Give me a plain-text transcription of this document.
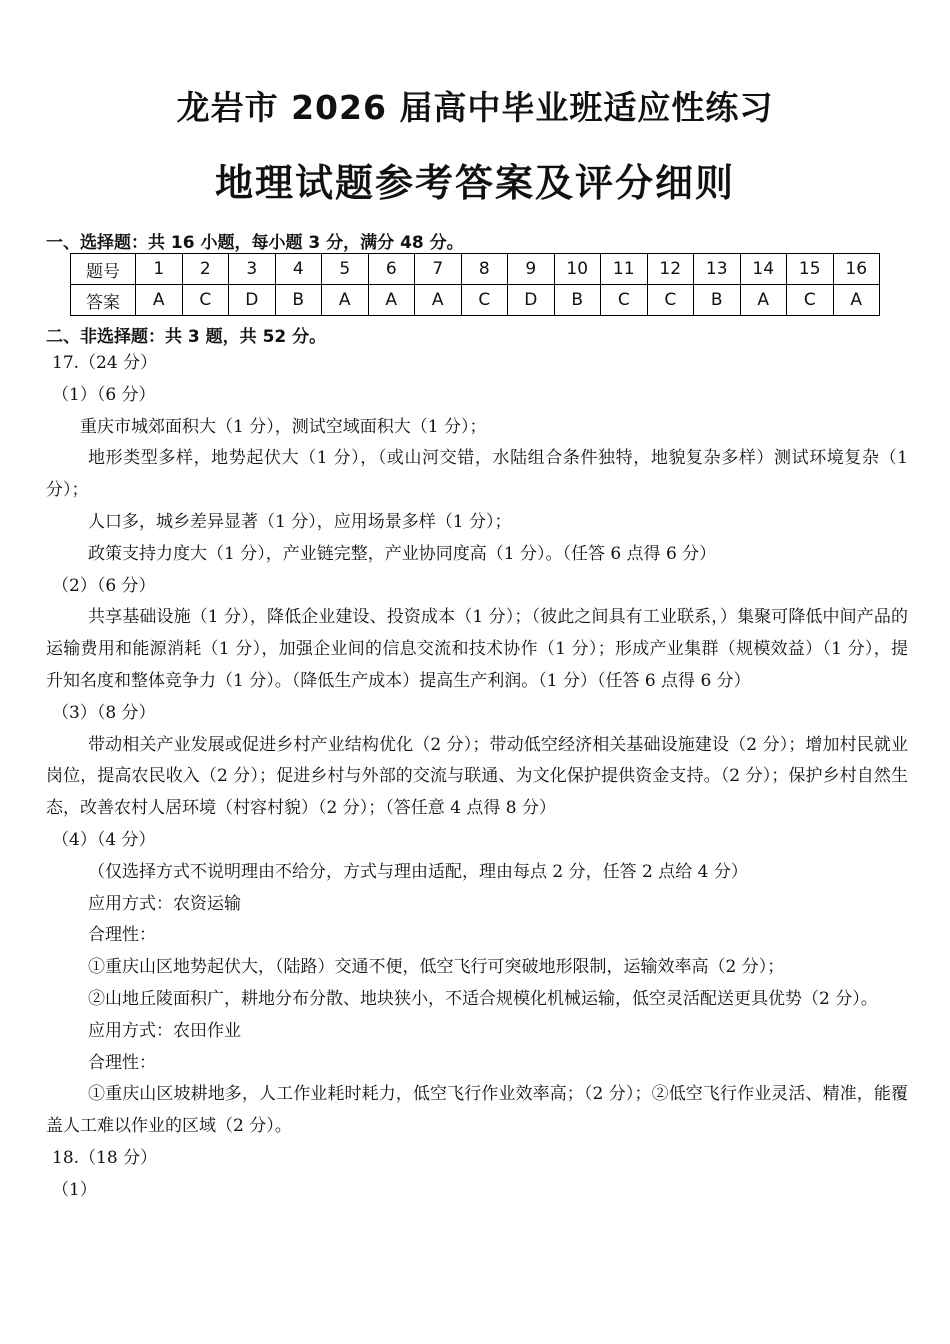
龙岩市 2026 届高中毕业班适应性练习
地理试题参考答案及评分细则
一、选择题：共 16 小题，每小题 3 分，满分 48 分。
题号	1	2	3	4	5	6	7	8	9	10	11	12	13	14	15	16
答案	A	C	D	B	A	A	A	C	D	B	C	C	B	A	C	A
二、非选择题：共 3 题，共 52 分。

17.（24 分）

（1）（6 分）

重庆市城郊面积大（1 分），测试空域面积大（1 分）；

地形类型多样，地势起伏大（1 分），（或山河交错，水陆组合条件独特，地貌复杂多样）测试环境复杂（1 分）；

人口多，城乡差异显著（1 分），应用场景多样（1 分）；

政策支持力度大（1 分），产业链完整，产业协同度高（1 分）。（任答 6 点得 6 分）

（2）（6 分）

共享基础设施（1 分），降低企业建设、投资成本（1 分）；（彼此之间具有工业联系，）集聚可降低中间产品的运输费用和能源消耗（1 分），加强企业间的信息交流和技术协作（1 分）；形成产业集群（规模效益）（1 分），提升知名度和整体竞争力（1 分）。（降低生产成本）提高生产利润。（1 分）（任答 6 点得 6 分）

（3）（8 分）

带动相关产业发展或促进乡村产业结构优化（2 分）；带动低空经济相关基础设施建设（2 分）；增加村民就业岗位，提高农民收入（2 分）；促进乡村与外部的交流与联通、为文化保护提供资金支持。（2 分）；保护乡村自然生态，改善农村人居环境（村容村貌）（2 分）；（答任意 4 点得 8 分）

（4）（4 分）

（仅选择方式不说明理由不给分，方式与理由适配，理由每点 2 分，任答 2 点给 4 分）

应用方式：农资运输

合理性：

①重庆山区地势起伏大，（陆路）交通不便，低空飞行可突破地形限制，运输效率高（2 分）；

②山地丘陵面积广，耕地分布分散、地块狭小，不适合规模化机械运输，低空灵活配送更具优势（2 分）。

应用方式：农田作业

合理性：

①重庆山区坡耕地多，人工作业耗时耗力，低空飞行作业效率高；（2 分）；②低空飞行作业灵活、精准，能覆盖人工难以作业的区域（2 分）。

18.（18 分）

（1）
